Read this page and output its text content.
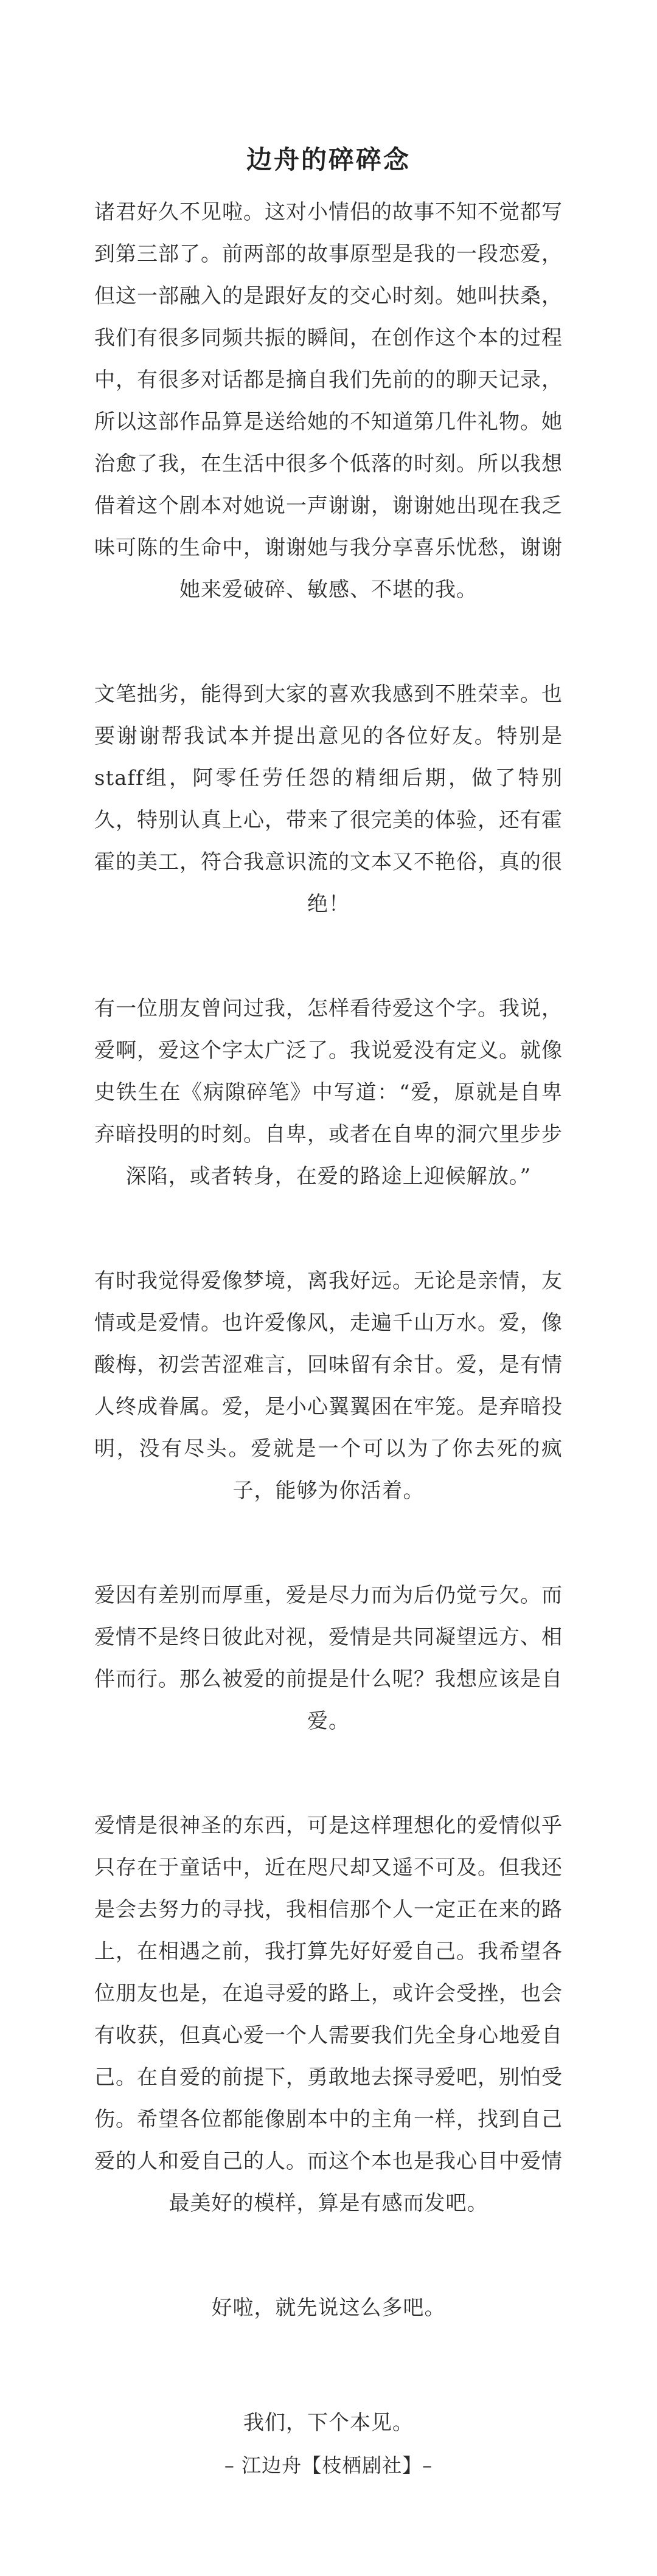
边舟的碎碎念

诸君好久不见啦。这对小情侣的故事不知不觉都写到第三部了。前两部的故事原型是我的一段恋爱，但这一部融入的是跟好友的交心时刻。她叫扶桑，我们有很多同频共振的瞬间，在创作这个本的过程中，有很多对话都是摘自我们先前的的聊天记录，所以这部作品算是送给她的不知道第几件礼物。她治愈了我，在生活中很多个低落的时刻。所以我想借着这个剧本对她说一声谢谢，谢谢她出现在我乏味可陈的生命中，谢谢她与我分享喜乐忧愁，谢谢她来爱破碎、敏感、不堪的我。

文笔拙劣，能得到大家的喜欢我感到不胜荣幸。也要谢谢帮我试本并提出意见的各位好友。特别是staff组，阿零任劳任怨的精细后期，做了特别久，特别认真上心，带来了很完美的体验，还有霍霍的美工，符合我意识流的文本又不艳俗，真的很绝！

有一位朋友曾问过我，怎样看待爱这个字。我说，爱啊，爱这个字太广泛了。我说爱没有定义。就像史铁生在《病隙碎笔》中写道：“爱，原就是自卑弃暗投明的时刻。自卑，或者在自卑的洞穴里步步深陷，或者转身，在爱的路途上迎候解放。”

有时我觉得爱像梦境，离我好远。无论是亲情，友情或是爱情。也许爱像风，走遍千山万水。爱，像酸梅，初尝苦涩难言，回味留有余甘。爱，是有情人终成眷属。爱，是小心翼翼困在牢笼。是弃暗投明，没有尽头。爱就是一个可以为了你去死的疯子，能够为你活着。

爱因有差别而厚重，爱是尽力而为后仍觉亏欠。而爱情不是终日彼此对视，爱情是共同凝望远方、相伴而行。那么被爱的前提是什么呢？我想应该是自爱。

爱情是很神圣的东西，可是这样理想化的爱情似乎只存在于童话中，近在咫尺却又遥不可及。但我还是会去努力的寻找，我相信那个人一定正在来的路上，在相遇之前，我打算先好好爱自己。我希望各位朋友也是，在追寻爱的路上，或许会受挫，也会有收获，但真心爱一个人需要我们先全身心地爱自己。在自爱的前提下，勇敢地去探寻爱吧，别怕受伤。希望各位都能像剧本中的主角一样，找到自己爱的人和爱自己的人。而这个本也是我心目中爱情最美好的模样，算是有感而发吧。

好啦，就先说这么多吧。

我们，下个本见。

– 江边舟【枝栖剧社】–
